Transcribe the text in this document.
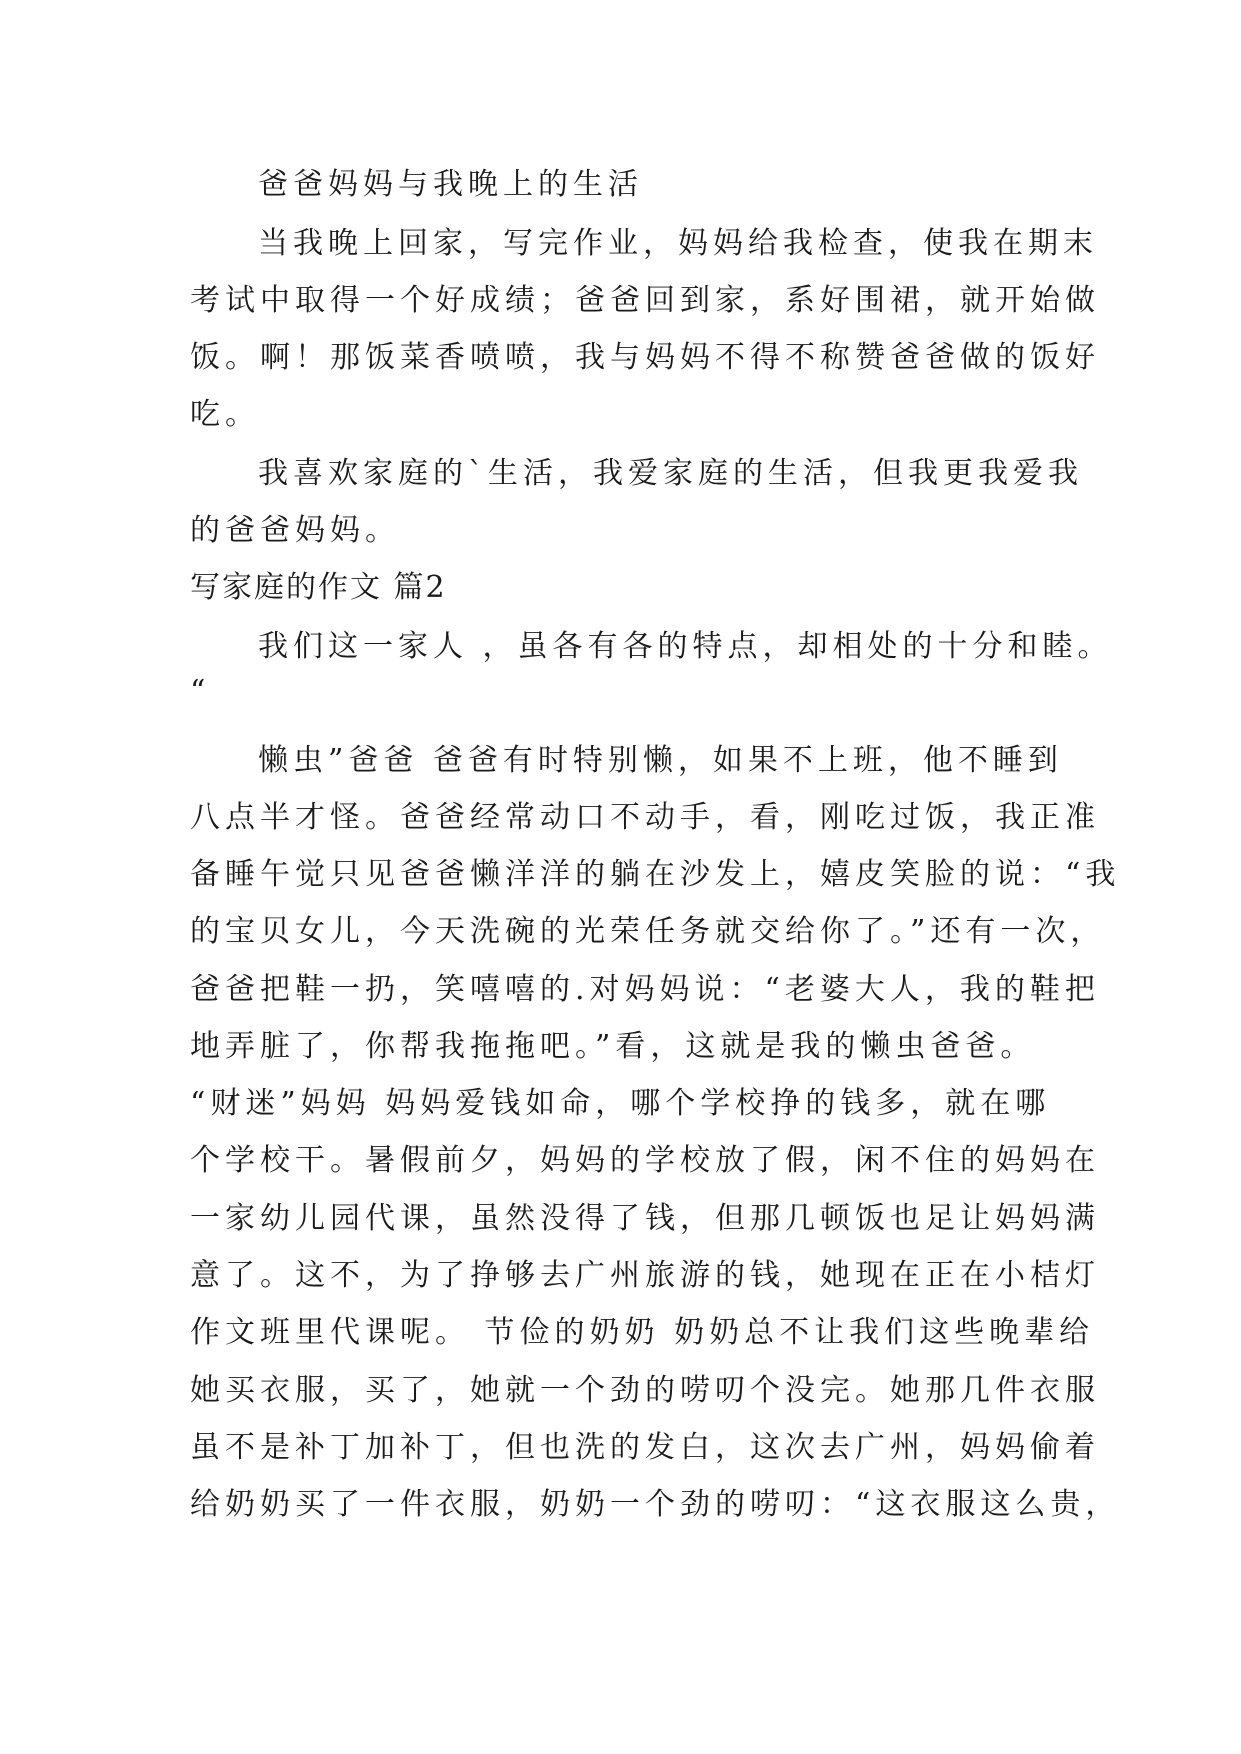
爸爸妈妈与我晚上的生活
当我晚上回家，写完作业，妈妈给我检查，使我在期末
考试中取得一个好成绩；爸爸回到家，系好围裙，就开始做
饭。啊！那饭菜香喷喷，我与妈妈不得不称赞爸爸做的饭好
吃。
我喜欢家庭的`生活，我爱家庭的生活，但我更我爱我
的爸爸妈妈。
写家庭的作文 篇2
我们这一家人 ，虽各有各的特点，却相处的十分和睦。
“
懒虫”爸爸 爸爸有时特别懒，如果不上班，他不睡到
八点半才怪。爸爸经常动口不动手，看，刚吃过饭，我正准
备睡午觉只见爸爸懒洋洋的躺在沙发上，嬉皮笑脸的说：“我
的宝贝女儿，今天洗碗的光荣任务就交给你了。”还有一次，
爸爸把鞋一扔，笑嘻嘻的.对妈妈说：“老婆大人，我的鞋把
地弄脏了，你帮我拖拖吧。”看，这就是我的懒虫爸爸。
“财迷”妈妈 妈妈爱钱如命，哪个学校挣的钱多，就在哪
个学校干。暑假前夕，妈妈的学校放了假，闲不住的妈妈在
一家幼儿园代课，虽然没得了钱，但那几顿饭也足让妈妈满
意了。这不，为了挣够去广州旅游的钱，她现在正在小桔灯
作文班里代课呢。 节俭的奶奶 奶奶总不让我们这些晚辈给
她买衣服，买了，她就一个劲的唠叨个没完。她那几件衣服
虽不是补丁加补丁，但也洗的发白，这次去广州，妈妈偷着
给奶奶买了一件衣服，奶奶一个劲的唠叨：“这衣服这么贵，
